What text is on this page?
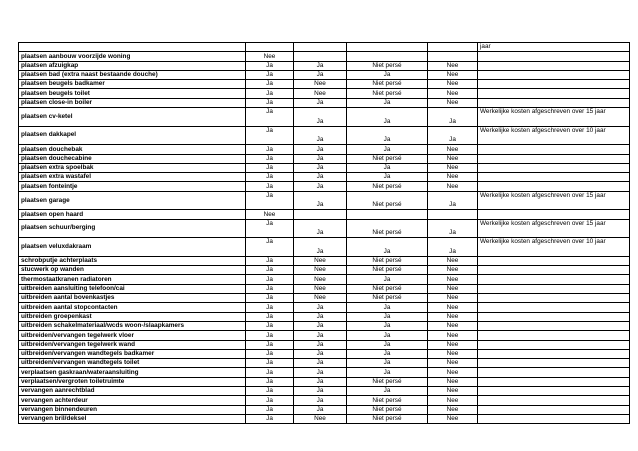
					jaar
plaatsen aanbouw voorzijde woning	Nee				
plaatsen afzuigkap	Ja	Ja	Niet persé	Nee	
plaatsen bad (extra naast bestaande douche)	Ja	Ja	Ja	Nee	
plaatsen beugels badkamer	Ja	Nee	Niet persé	Nee	
plaatsen beugels toilet	Ja	Nee	Niet persé	Nee	
plaatsen close-in boiler	Ja	Ja	Ja	Nee	
plaatsen cv-ketel	Ja	Ja	Ja	Ja	Werkelijke kosten afgeschreven over 15 jaar
plaatsen dakkapel	Ja	Ja	Ja	Ja	Werkelijke kosten afgeschreven over 10 jaar
plaatsen douchebak	Ja	Ja	Ja	Nee	
plaatsen douchecabine	Ja	Ja	Niet persé	Nee	
plaatsen extra spoelbak	Ja	Ja	Ja	Nee	
plaatsen extra wastafel	Ja	Ja	Ja	Nee	
plaatsen fonteintje	Ja	Ja	Niet persé	Nee	
plaatsen garage	Ja	Ja	Niet persé	Ja	Werkelijke kosten afgeschreven over 15 jaar
plaatsen open haard	Nee				
plaatsen schuur/berging	Ja	Ja	Niet persé	Ja	Werkelijke kosten afgeschreven over 15 jaar
plaatsen veluxdakraam	Ja	Ja	Ja	Ja	Werkelijke kosten afgeschreven over 10 jaar
schrobputje achterplaats	Ja	Nee	Niet persé	Nee	
stucwerk op wanden	Ja	Nee	Niet persé	Nee	
thermostaatkranen radiatoren	Ja	Nee	Ja	Nee	
uitbreiden aansluiting telefoon/cai	Ja	Nee	Niet persé	Nee	
uitbreiden aantal bovenkastjes	Ja	Nee	Niet persé	Nee	
uitbreiden aantal stopcontacten	Ja	Ja	Ja	Nee	
uitbreiden groepenkast	Ja	Ja	Ja	Nee	
uitbreiden schakelmateriaal/wcds woon-/slaapkamers	Ja	Ja	Ja	Nee	
uitbreiden/vervangen tegelwerk vloer	Ja	Ja	Ja	Nee	
uitbreiden/vervangen tegelwerk wand	Ja	Ja	Ja	Nee	
uitbreiden/vervangen wandtegels badkamer	Ja	Ja	Ja	Nee	
uitbreiden/vervangen wandtegels toilet	Ja	Ja	Ja	Nee	
verplaatsen gaskraan/wateraansluiting	Ja	Ja	Ja	Nee	
verplaatsen/vergroten toiletruimte	Ja	Ja	Niet persé	Nee	
vervangen aanrechtblad	Ja	Ja	Ja	Nee	
vervangen achterdeur	Ja	Ja	Niet persé	Nee	
vervangen binnendeuren	Ja	Ja	Niet persé	Nee	
vervangen bril/deksel	Ja	Nee	Niet persé	Nee	
